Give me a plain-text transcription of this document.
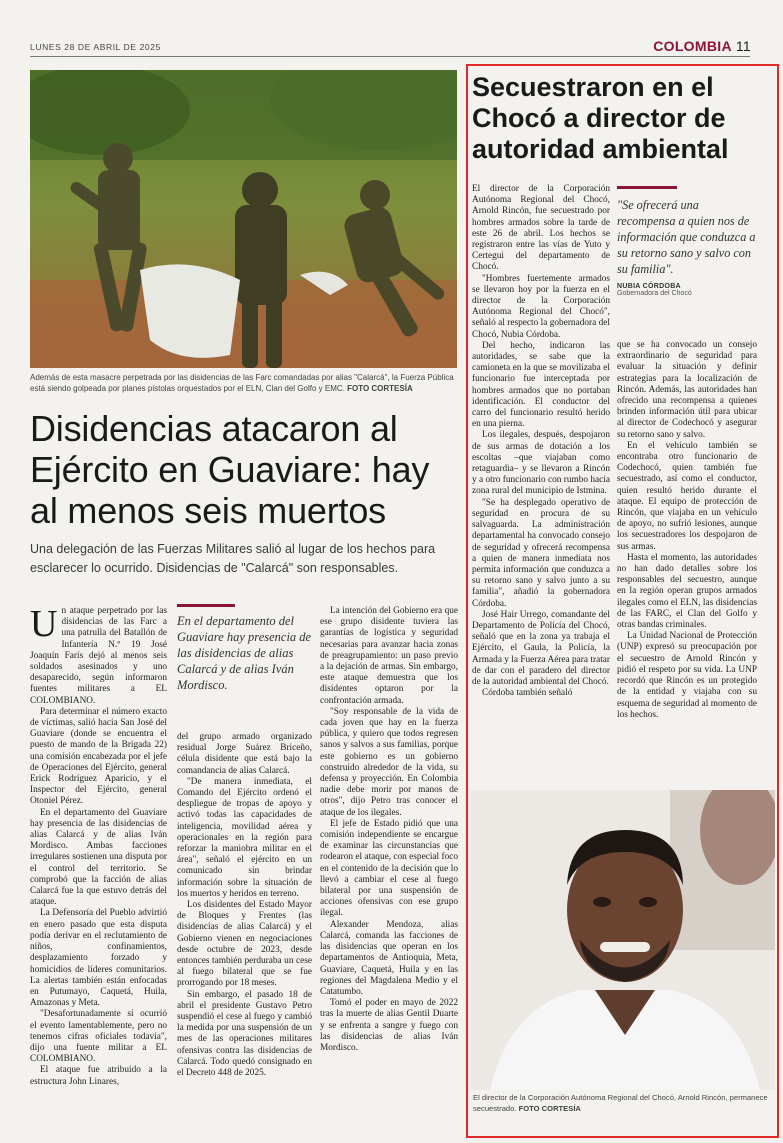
LUNES 28 DE ABRIL DE 2025	COLOMBIA 11
Además de esta masacre perpetrada por las disidencias de las Farc comandadas por alias "Calarcá", la Fuerza Pública está siendo golpeada por planes pistolas orquestados por el ELN, Clan del Golfo y EMC. FOTO CORTESÍA
Disidencias atacaron al Ejército en Guaviare: hay al menos seis muertos
Una delegación de las Fuerzas Militares salió al lugar de los hechos para esclarecer lo ocurrido. Disidencias de "Calarcá" son responsables.

Un ataque perpetrado por las disidencias de las Farc a una patrulla del Batallón de Infantería N.º 19 José Joaquín Farís dejó al menos seis soldados asesinados y uno desaparecido, según informaron fuentes militares a EL COLOMBIANO.

Para determinar el número exacto de víctimas, salió hacia San José del Guaviare (donde se encuentra el puesto de mando de la Brigada 22) una comisión encabezada por el jefe de Operaciones del Ejército, general Erick Rodríguez Aparicio, y el Inspector del Ejército, general Otoniel Pérez.

En el departamento del Guaviare hay presencia de las disidencias de alias Calarcá y de alias Iván Mordisco. Ambas facciones irregulares sostienen una disputa por el control del territorio. Se comprobó que la facción de alias Calarcá fue la que estuvo detrás del ataque.

La Defensoría del Pueblo advirtió en enero pasado que esta disputa podía derivar en el reclutamiento de niños, confinamientos, desplazamiento forzado y homicidios de líderes comunitarios. La alertas también están enfocadas en Putumayo, Caquetá, Huila, Amazonas y Meta.

"Desafortunadamente sí ocurrió el evento lamentablemente, pero no tenemos cifras oficiales todavía", dijo una fuente militar a EL COLOMBIANO.

El ataque fue atribuido a la estructura John Linares,

En el departamento del Guaviare hay presencia de las disidencias de alias Calarcá y de alias Iván Mordisco.

del grupo armado organizado residual Jorge Suárez Briceño, célula disidente que está bajo la comandancia de alias Calarcá.

"De manera inmediata, el Comando del Ejército ordenó el despliegue de tropas de apoyo y activó todas las capacidades de inteligencia, movilidad aérea y operacionales en la región para reforzar la maniobra militar en el área", señaló el ejército en un comunicado sin brindar información sobre la situación de los muertos y heridos en terreno.

Los disidentes del Estado Mayor de Bloques y Frentes (las disidencias de alias Calarcá) y el Gobierno vienen en negociaciones desde octubre de 2023, desde entonces también perduraba un cese al fuego bilateral que se fue prorrogando por 18 meses.

Sin embargo, el pasado 18 de abril el presidente Gustavo Petro suspendió el cese al fuego y cambió la medida por una suspensión de un mes de las operaciones militares ofensivas contra las disidencias de Calarcá. Todo quedó consignado en el Decreto 448 de 2025.

La intención del Gobierno era que ese grupo disidente tuviera las garantías de logística y seguridad necesarias para avanzar hacia zonas de preagrupamiento: un paso previo a la dejación de armas. Sin embargo, este ataque demuestra que los disidentes optaron por la confrontación armada.

"Soy responsable de la vida de cada joven que hay en la fuerza pública, y quiero que todos regresen sanos y salvos a sus familias, porque este gobierno es un gobierno construido alrededor de la vida, su defensa y proyección. En Colombia nadie debe morir por manos de otros", dijo Petro tras conocer el ataque de los ilegales.

El jefe de Estado pidió que una comisión independiente se encargue de examinar las circunstancias que rodearon el ataque, con especial foco en el contenido de la decisión que lo llevó a cambiar el cese al fuego bilateral por una suspensión de acciones ofensivas con ese grupo ilegal.

Alexander Mendoza, alias Calarcá, comanda las facciones de las disidencias que operan en los departamentos de Antioquia, Meta, Guaviare, Caquetá, Huila y en las regiones del Magdalena Medio y el Catatumbo.

Tomó el poder en mayo de 2022 tras la muerte de alias Gentil Duarte y se enfrenta a sangre y fuego con las disidencias de alias Iván Mordisco.

Secuestraron en el Chocó a director de autoridad ambiental

El director de la Corporación Autónoma Regional del Chocó, Arnold Rincón, fue secuestrado por hombres armados sobre la tarde de este 26 de abril. Los hechos se registraron entre las vías de Yuto y Certegui del departamento de Chocó.

"Hombres fuertemente armados se llevaron hoy por la fuerza en el director de la Corporación Autónoma Regional del Chocó", señaló al respecto la gobernadora del Chocó, Nubia Córdoba.

Del hecho, indicaron las autoridades, se sabe que la camioneta en la que se movilizaba el funcionario fue interceptada por hombres armados que no portaban identificación. El conductor del carro del funcionario resultó herido en una pierna.

Los ilegales, después, despojaron de sus armas de dotación a los escoltas –que viajaban como retaguardia– y se llevaron a Rincón y a otro funcionario con rumbo hacia zona rural del municipio de Istmina.

"Se ha desplegado operativo de seguridad en procura de su salvaguarda. La administración departamental ha convocado consejo de seguridad y ofrecerá recompensa a quien de manera inmediata nos permita información que conduzca a su retorno sano y salvo junto a su familia", añadió la gobernadora Córdoba.

José Hair Urrego, comandante del Departamento de Policía del Chocó, señaló que en la zona ya trabaja el Ejército, el Gaula, la Policía, la Armada y la Fuerza Aérea para tratar de dar con el paradero del director de la autoridad ambiental del Chocó.

Córdoba también señaló

"Se ofrecerá una recompensa a quien nos de información que conduzca a su retorno sano y salvo con su familia".
NUBIA CÓRDOBA
Gobernadora del Chocó

que se ha convocado un consejo extraordinario de seguridad para evaluar la situación y definir estrategias para la localización de Rincón. Además, las autoridades han ofrecido una recompensa a quienes brinden información útil para ubicar al director de Codechocó y asegurar su retorno sano y salvo.

En el vehículo también se encontraba otro funcionario de Codechocó, quien también fue secuestrado, así como el conductor, quien resultó herido durante el ataque. El equipo de protección de Rincón, que viajaba en un vehículo de apoyo, no sufrió lesiones, aunque los secuestradores los despojaron de sus armas.

Hasta el momento, las autoridades no han dado detalles sobre los responsables del secuestro, aunque en la región operan grupos armados ilegales como el ELN, las disidencias de las FARC, el Clan del Golfo y otras bandas criminales.

La Unidad Nacional de Protección (UNP) expresó su preocupación por el secuestro de Arnold Rincón y pidió el respeto por su vida. La UNP recordó que Rincón es un protegido de la entidad y viajaba con su esquema de seguridad al momento de los hechos.

El director de la Corporación Autónoma Regional del Chocó, Arnold Rincón, permanece secuestrado. FOTO CORTESÍA
